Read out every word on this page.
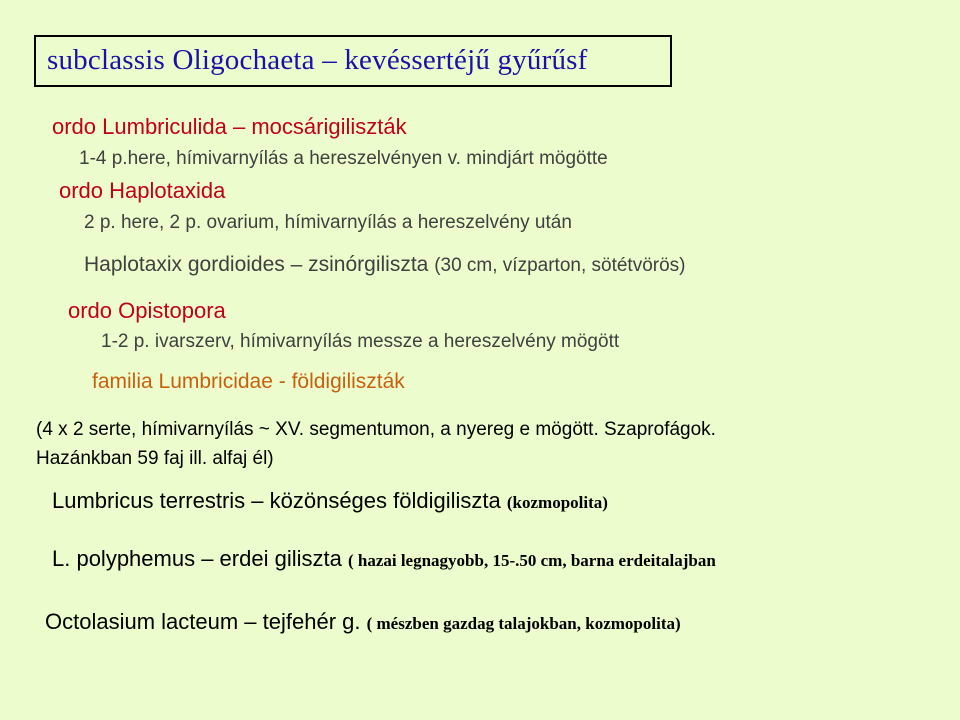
subclassis Oligochaeta – kevéssertéjű gyűrűsf

ordo Lumbriculida – mocsárigiliszták

1-4 p.here, hímivarnyílás a hereszelvényen v. mindjárt mögötte

ordo Haplotaxida

2 p. here, 2 p. ovarium, hímivarnyílás a hereszelvény után

Haplotaxix gordioides – zsinórgiliszta (30 cm, vízparton, sötétvörös)

ordo Opistopora

1-2 p. ivarszerv, hímivarnyílás messze a hereszelvény mögött

familia Lumbricidae - földigiliszták

(4 x 2 serte, hímivarnyílás ~ XV. segmentumon, a nyereg e mögött. Szaprofágok.

Hazánkban 59 faj ill. alfaj él)

Lumbricus terrestris – közönséges földigiliszta (kozmopolita)

L. polyphemus – erdei giliszta ( hazai legnagyobb, 15-.50 cm, barna erdeitalajban

Octolasium lacteum – tejfehér g. ( mészben gazdag talajokban, kozmopolita)
